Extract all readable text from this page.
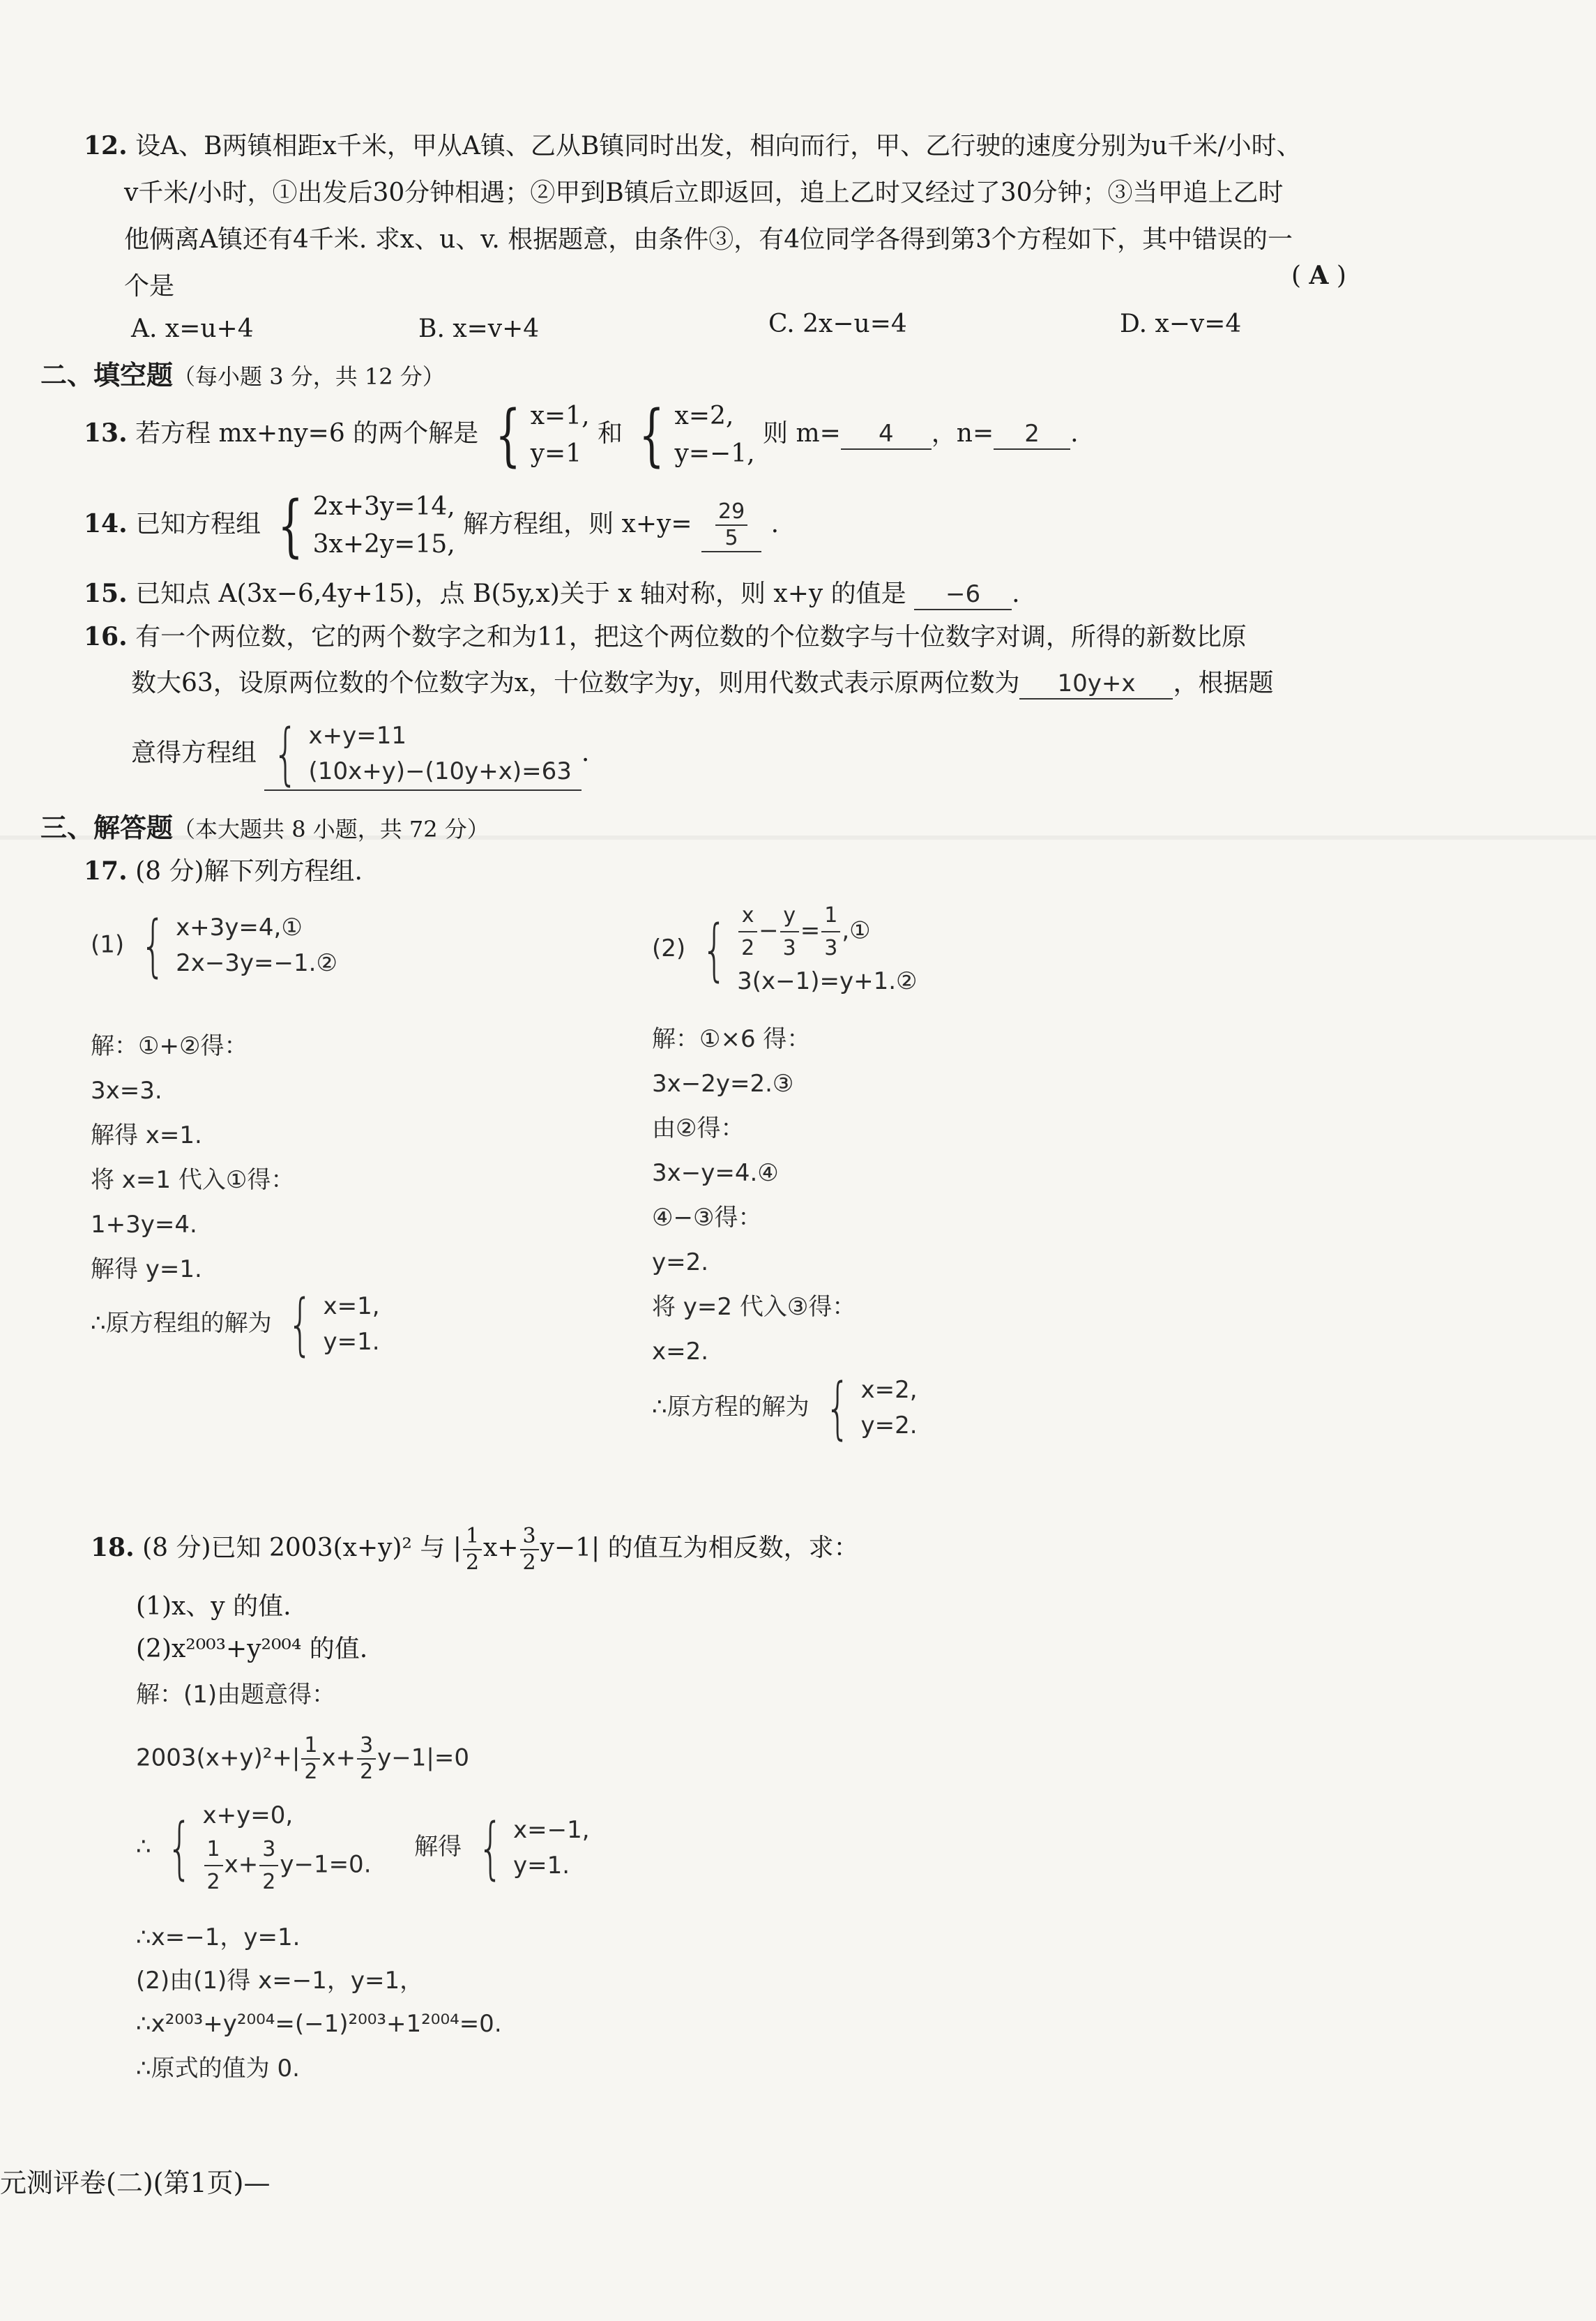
12. 设A、B两镇相距x千米，甲从A镇、乙从B镇同时出发，相向而行，甲、乙行驶的速度分别为u千米/小时、
v千米/小时，①出发后30分钟相遇；②甲到B镇后立即返回，追上乙时又经过了30分钟；③当甲追上乙时
他俩离A镇还有4千米. 求x、u、v. 根据题意，由条件③，有4位同学各得到第3个方程如下，其中错误的一
个是	( A )
A. x=u+4	B. x=v+4	C. 2x−u=4	D. x−v=4
二、填空题（每小题 3 分，共 12 分）
13. 若方程 mx+ny=6 的两个解是 { x=1,
y=1
和 { x=2,
y=−1,
则 m= 4 ，n= 2 .
14. 已知方程组 { 2x+3y=14,
3x+2y=15,
解方程组，则 $x+y= \frac{29}{5}$ .
15. 已知点 A(3x−6,4y+15)，点 B(5y,x)关于 x 轴对称，则 x+y 的值是 −6 .
16. 有一个两位数，它的两个数字之和为11，把这个两位数的个位数字与十位数字对调，所得的新数比原
数大63，设原两位数的个位数字为x，十位数字为y，则用代数式表示原两位数为 10y+x ，根据题
意得方程组 { x+y=11
(10x+y)−(10y+x)=63
.
三、解答题（本大题共 8 小题，共 72 分）
17. (8 分)解下列方程组.
(1) { x+3y=4,①
2x−3y=−1.②
解：①+②得：
3x=3.
解得 x=1.
将 x=1 代入①得：
1+3y=4.
解得 y=1.
∴原方程组的解为 { x=1,
y=1.
(2) { $\frac{x}{2} - \frac{y}{3} = \frac{1}{3}$ ,①
3(x−1)=y+1.②
解：①×6 得：
3x−2y=2.③
由②得：
3x−y=4.④
④−③得：
y=2.
将 y=2 代入③得：
x=2.
∴原方程的解为 { x=2,
y=2.
18. (8 分)已知 2003(x+y)² 与 | $\frac{1}{2} x+ \frac{3}{2} y-1|$ 的值互为相反数，求：
(1)x、y 的值.
(2)x²⁰⁰³+y²⁰⁰⁴ 的值.
解：(1)由题意得：
$2003(x+y)^2+| \frac{1}{2} x+ \frac{3}{2} y-1|=0$
∴ { x+y=0,
$\frac{1}{2} x+ \frac{3}{2} y-1=0$.
解得 { x=−1,
y=1.
∴x=−1，y=1.
(2)由(1)得 x=−1，y=1，
∴x²⁰⁰³+y²⁰⁰⁴=(−1)²⁰⁰³+1²⁰⁰⁴=0.
∴原式的值为 0.
元测评卷(二)(第1页)—
